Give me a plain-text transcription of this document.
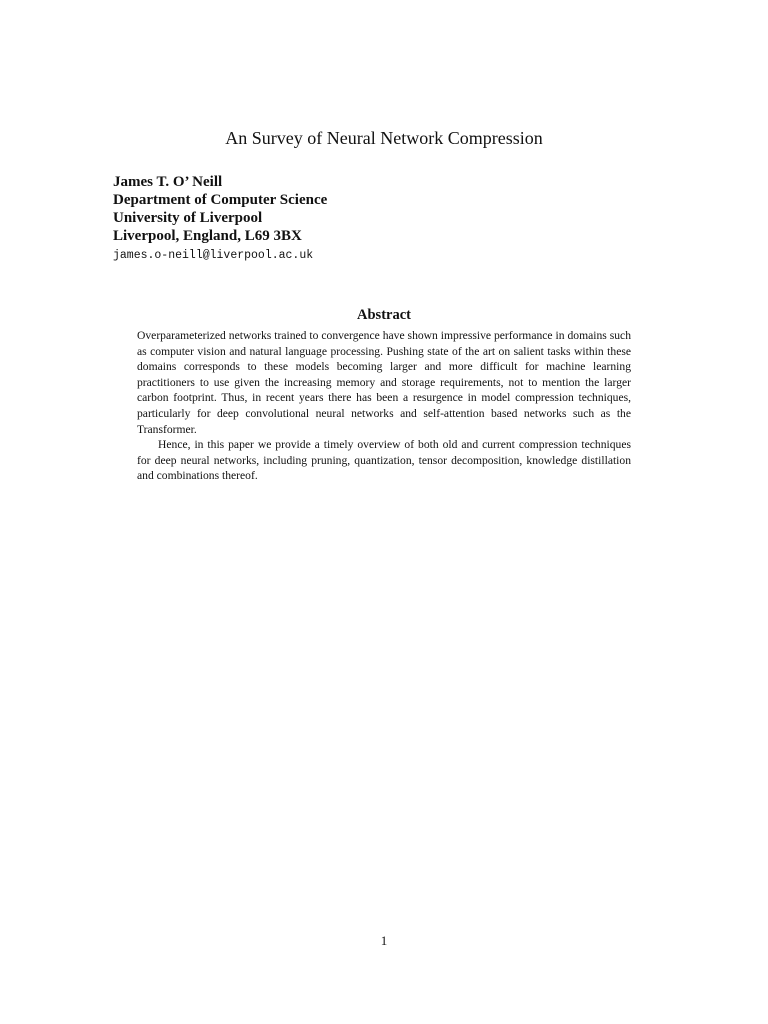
An Survey of Neural Network Compression
James T. O’ Neill
Department of Computer Science
University of Liverpool
Liverpool, England, L69 3BX
james.o-neill@liverpool.ac.uk
Abstract

Overparameterized networks trained to convergence have shown impressive performance in domains such as computer vision and natural language processing. Pushing state of the art on salient tasks within these domains corresponds to these models becoming larger and more difficult for machine learning practitioners to use given the increasing memory and storage requirements, not to mention the larger carbon footprint. Thus, in recent years there has been a resurgence in model compression techniques, particularly for deep convolutional neural networks and self-attention based networks such as the Transformer.

Hence, in this paper we provide a timely overview of both old and current compression techniques for deep neural networks, including pruning, quantization, tensor decomposition, knowledge distillation and combinations thereof.

1
